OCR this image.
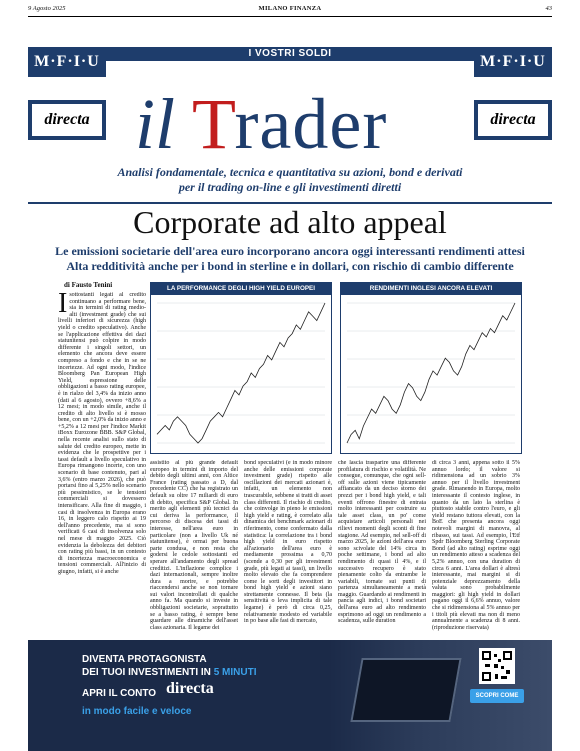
9 Agosto 2025	MILANO FINANZA	43
I VOSTRI SOLDI
M·F·I·U	M·F·I·U
directa	directa
il Trader
Analisi fondamentale, tecnica e quantitativa su azioni, bond e derivati
per il trading on-line e gli investimenti diretti
Corporate ad alto appeal
Le emissioni societarie dell'area euro incorporano ancora oggi interessanti rendimenti attesi
Alta redditività anche per i bond in sterline e in dollari, con rischio di cambio differente
di Fausto Tenini
Isottostanti legati al credito continuano a performare bene, sia in termini di rating medio-alti (investment grade) che sui livelli inferiori di sicurezza (high yield o credito speculativo). Anche se l'applicazione effettiva dei dazi statunitensi può colpire in modo differente i singoli settori, un elemento che ancora deve essere compreso a fondo e che in se ne incertezze. Ad ogni modo, l'indice Bloomberg Pan European High Yield, espressione delle obbligazioni a basso rating europee, è in rialzo del 3,4% da inizio anno (dati al 6 agosto), ovvero +8,6% a 12 mesi; in modo simile, anche il credito di alto livello si è mosso bene, con un +2,0% da inizio anno e +5,2% a 12 mesi per l'indice Markit iBoxx Eurozone BBB. S&P Global, nella recente analisi sullo stato di salute del credito europeo, mette in evidenza che le prospettive per i tassi default a livello speculativo in Europa rimangono incerte, con uno scenario di base contenuto, pari al 3,6% (entro marzo 2026), che può portarsi fino al 5,25% nello scenario più pessimistico, se le tensioni commerciali si dovessero intensificare. Alla fine di maggio, i casi di insolvenza in Europa erano 16, in leggero calo rispetto ai 19 dell'anno precedente, ma si sono verificati 6 casi di insolvenza solo nel mese di maggio 2025. Ciò evidenzia la debolezza dei debitori con rating più bassi, in un contesto di incertezza macroeconomica e tensioni commerciali. All'inizio di giugno, infatti, si è anche
LA PERFORMANCE DEGLI HIGH YIELD EUROPEI	RENDIMENTI INGLESI ANCORA ELEVATI
assistito al più grande default europeo in termini di importo del debito degli ultimi anni, con Altice France (rating passato a D, dal precedente CC) che ha registrato un default su oltre 17 miliardi di euro di debito, specifica S&P Global. In merito agli elementi più tecnici da cui deriva la performance, il percorso di discesa dei tassi di interesse, nell'area euro in particolare (non a livello Uk né statunitense), è ormai per buona parte condusa, e non resta che godersi le cedole sottostanti ed sperare all'andamento degli spread creditizi. L'inflazione complice i dazi internazionali, sempre inoltre dura a morire, e potrebbe riaccendersi anche se non tornare sui valori incontrollati di qualche anno fa. Ma quando si investe in obbligazioni societarie, soprattutto se a basso rating, è sempre bene guardare alle dinamiche dell'asset class azionaria. Il legame dei
bond speculativi (e in modo minore anche delle emissioni corporate investment grade) rispetto alle oscillazioni dei mercati azionari è, infatti, un elemento non trascurabile, sebbene si tratti di asset class differenti. Il rischio di credito, che coinvolge in pieno le emissioni high yield e rating, è correlato alla dinamica dei benchmark azionari di riferimento, come confermato dalla statistica: la correlazione tra i bond high yield in euro rispetto all'azionario dell'area euro è mediamente prossima a 0,70 (scende a 0,30 per gli investment grade, più legati ai tassi), un livello molto elevato che fa comprendere come le sorti degli investitori in bond high yield e azioni siano strettamente connesse. Il beta (la sensitività o leva implicita di tale legame) è però di circa 0,25, relativamente modesto ed variabile in po base alle fasi di mercato,
che lascia trasparire una differente profilatura di rischio e volatilità. Ne consegue, comunque, che ogni sell-off sulle azioni viene tipicamente affiancato da un deciso storno dei prezzi per i bond high yield, e tali eventi offrono finestre di entrata molto interessanti per costruire su tale asset class, un po' come acquistare articoli personali nei rilievi momenti degli sconti di fine stagione. Ad esempio, nel sell-off di marzo 2025, le azioni dell'area euro sono scivolate del 14% circa in poche settimane, i bond ad alto rendimento di quasi il 4%, e il successivo recupero è stato pienamente colto da entrambe le variabili, tornate sui punti di partenza simultaneamente a metà maggio. Guardando ai rendimenti in pancia agli indici, i bond societari dell'area euro ad alto rendimento esprimono ad oggi un rendimento a scadenza, sulle duration
di circa 3 anni, appena sotto il 5% annuo lordo; il valore si ridimensiona ad un sobrio 3% annuo per il livello investment grade. Rimanendo in Europa, molto interessante il contesto inglese, in quanto da un lato la sterlina è piuttosto stabile contro l'euro, e gli yield restano tuttora elevati, con la BoE che presenta ancora oggi notevoli margini di manovra, al ribasso, sui tassi. Ad esempio, l'Etf Spdr Bloomberg Sterling Corporate Bond (ad alto rating) esprime oggi un rendimento atteso a scadenza del 5,2% annuo, con una duration di circa 6 anni. L'area dollari è altresì interessante, mai margini si di potenziale deprezzamento della valuta sono probabilmente maggiori: gli high yield in dollari pagano oggi il 6,6% annuo, valore che si ridimensiona al 5% annuo per i titoli più elevati ma non di meno annualmente a scadenza di 8 anni. (riproduzione riservata)
DIVENTA PROTAGONISTA
DEI TUOI INVESTIMENTI IN 5 MINUTI
APRI IL CONTO directa
in modo facile e veloce
SCOPRI COME
